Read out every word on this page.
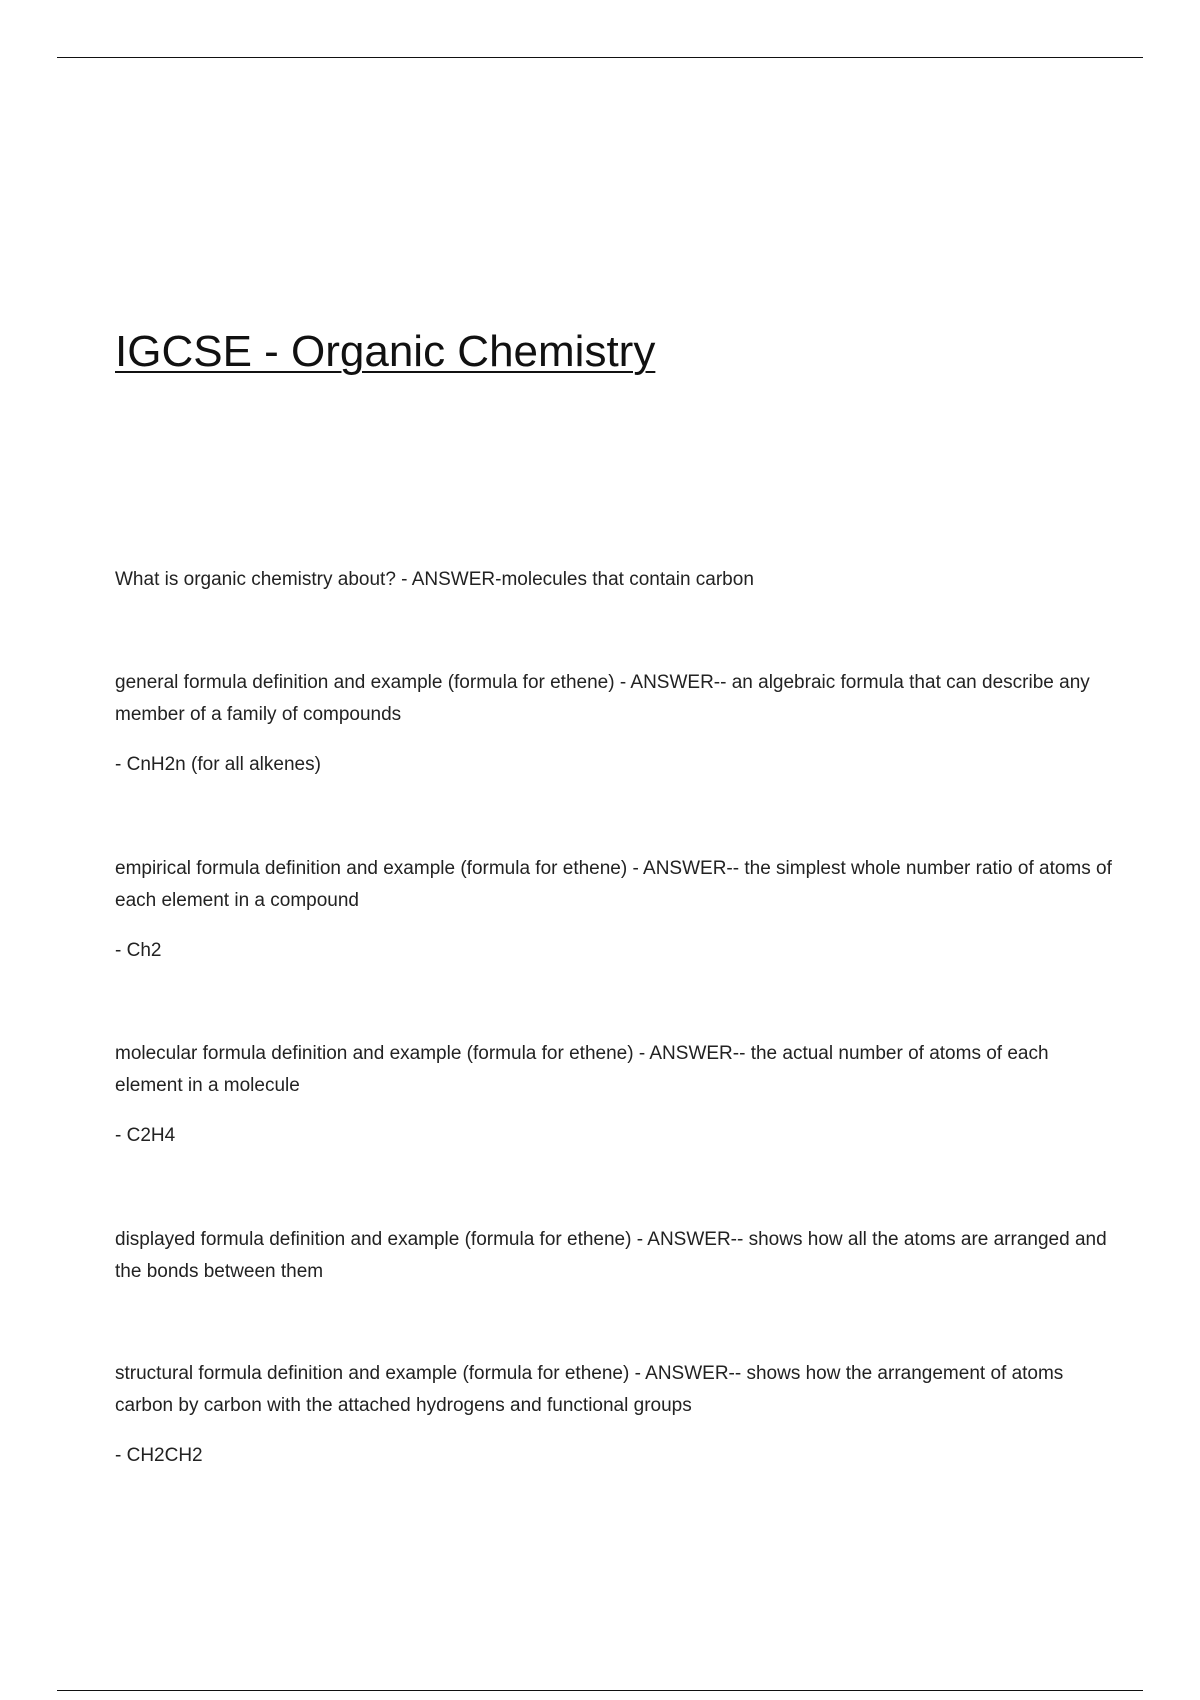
IGCSE - Organic Chemistry

What is organic chemistry about? - ANSWER-molecules that contain carbon

general formula definition and example (formula for ethene) - ANSWER-- an algebraic formula that can describe any member of a family of compounds

- CnH2n (for all alkenes)

empirical formula definition and example (formula for ethene) - ANSWER-- the simplest whole number ratio of atoms of each element in a compound

- Ch2

molecular formula definition and example (formula for ethene) - ANSWER-- the actual number of atoms of each element in a molecule

- C2H4

displayed formula definition and example (formula for ethene) - ANSWER-- shows how all the atoms are arranged and the bonds between them

structural formula definition and example (formula for ethene) - ANSWER-- shows how the arrangement of atoms carbon by carbon with the attached hydrogens and functional groups

- CH2CH2
